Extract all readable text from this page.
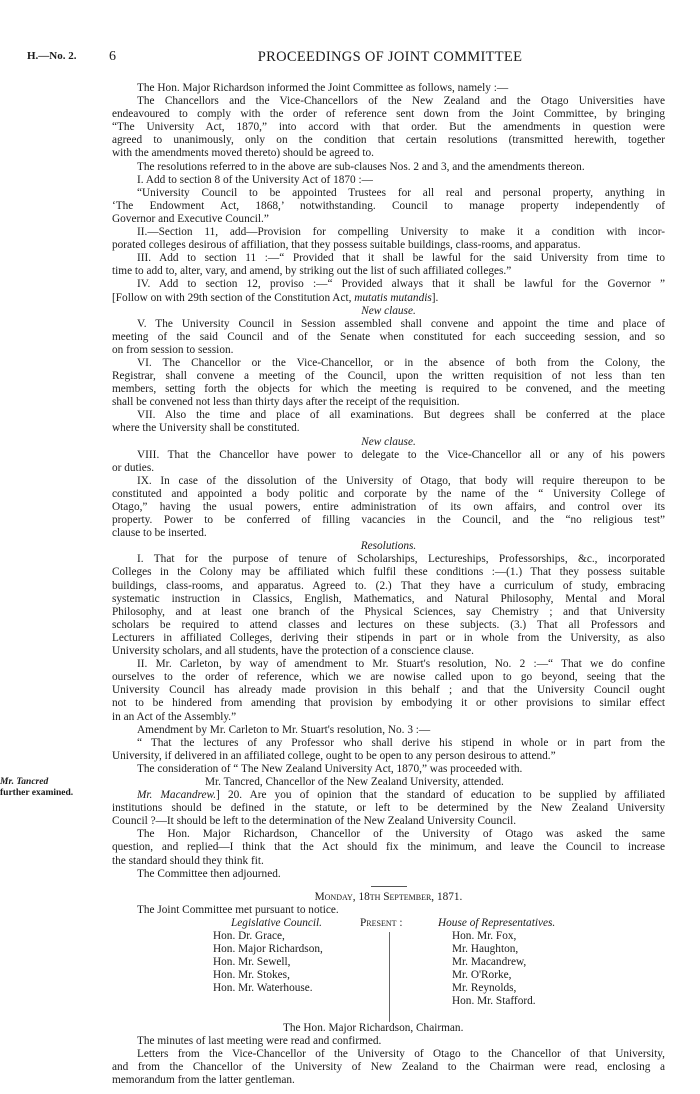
H.—No. 2. 6	PROCEEDINGS OF JOINT COMMITTEE
The Hon. Major Richardson informed the Joint Committee as follows, namely :—
The Chancellors and the Vice-Chancellors of the New Zealand and the Otago Universities have
endeavoured to comply with the order of reference sent down from the Joint Committee, by bringing
“The University Act, 1870,” into accord with that order. But the amendments in question were
agreed to unanimously, only on the condition that certain resolutions (transmitted herewith, together
with the amendments moved thereto) should be agreed to.
The resolutions referred to in the above are sub-clauses Nos. 2 and 3, and the amendments thereon.
I. Add to section 8 of the University Act of 1870 :—
“University Council to be appointed Trustees for all real and personal property, anything in
‘The Endowment Act, 1868,’ notwithstanding. Council to manage property independently of
Governor and Executive Council.”
II.—Section 11, add—Provision for compelling University to make it a condition with incor-
porated colleges desirous of affiliation, that they possess suitable buildings, class-rooms, and apparatus.
III. Add to section 11 :—“ Provided that it shall be lawful for the said University from time to
time to add to, alter, vary, and amend, by striking out the list of such affiliated colleges.”
IV. Add to section 12, proviso :—“ Provided always that it shall be lawful for the Governor ”
[Follow on with 29th section of the Constitution Act, mutatis mutandis].
New clause.
V. The University Council in Session assembled shall convene and appoint the time and place of
meeting of the said Council and of the Senate when constituted for each succeeding session, and so
on from session to session.
VI. The Chancellor or the Vice-Chancellor, or in the absence of both from the Colony, the
Registrar, shall convene a meeting of the Council, upon the written requisition of not less than ten
members, setting forth the objects for which the meeting is required to be convened, and the meeting
shall be convened not less than thirty days after the receipt of the requisition.
VII. Also the time and place of all examinations. But degrees shall be conferred at the place
where the University shall be constituted.
New clause.
VIII. That the Chancellor have power to delegate to the Vice-Chancellor all or any of his powers
or duties.
IX. In case of the dissolution of the University of Otago, that body will require thereupon to be
constituted and appointed a body politic and corporate by the name of the “ University College of
Otago,” having the usual powers, entire administration of its own affairs, and control over its
property. Power to be conferred of filling vacancies in the Council, and the “no religious test”
clause to be inserted.
Resolutions.
I. That for the purpose of tenure of Scholarships, Lectureships, Professorships, &c., incorporated
Colleges in the Colony may be affiliated which fulfil these conditions :—(1.) That they possess suitable
buildings, class-rooms, and apparatus. Agreed to. (2.) That they have a curriculum of study, embracing
systematic instruction in Classics, English, Mathematics, and Natural Philosophy, Mental and Moral
Philosophy, and at least one branch of the Physical Sciences, say Chemistry ; and that University
scholars be required to attend classes and lectures on these subjects. (3.) That all Professors and
Lecturers in affiliated Colleges, deriving their stipends in part or in whole from the University, as also
University scholars, and all students, have the protection of a conscience clause.
II. Mr. Carleton, by way of amendment to Mr. Stuart's resolution, No. 2 :—“ That we do confine
ourselves to the order of reference, which we are nowise called upon to go beyond, seeing that the
University Council has already made provision in this behalf ; and that the University Council ought
not to be hindered from amending that provision by embodying it or other provisions to similar effect
in an Act of the Assembly.”
Amendment by Mr. Carleton to Mr. Stuart's resolution, No. 3 :—
“ That the lectures of any Professor who shall derive his stipend in whole or in part from the
University, if delivered in an affiliated college, ought to be open to any person desirous to attend.”
The consideration of “ The New Zealand University Act, 1870,” was proceeded with.
Mr. Tancred
further examined.
Mr. Tancred, Chancellor of the New Zealand University, attended.
Mr. Macandrew.] 20. Are you of opinion that the standard of education to be supplied by affiliated
institutions should be defined in the statute, or left to be determined by the New Zealand University
Council ?—It should be left to the determination of the New Zealand University Council.
The Hon. Major Richardson, Chancellor of the University of Otago was asked the same
question, and replied—I think that the Act should fix the minimum, and leave the Council to increase
the standard should they think fit.
The Committee then adjourned.
Monday, 18th September, 1871.
The Joint Committee met pursuant to notice.
Legislative Council.
Hon. Dr. Grace,
Hon. Major Richardson,
Hon. Mr. Sewell,
Hon. Mr. Stokes,
Hon. Mr. Waterhouse.
Present :	House of Representatives.
Hon. Mr. Fox,
Mr. Haughton,
Mr. Macandrew,
Mr. O'Rorke,
Mr. Reynolds,
Hon. Mr. Stafford.
The Hon. Major Richardson, Chairman.
The minutes of last meeting were read and confirmed.
Letters from the Vice-Chancellor of the University of Otago to the Chancellor of that University,
and from the Chancellor of the University of New Zealand to the Chairman were read, enclosing a
memorandum from the latter gentleman.
